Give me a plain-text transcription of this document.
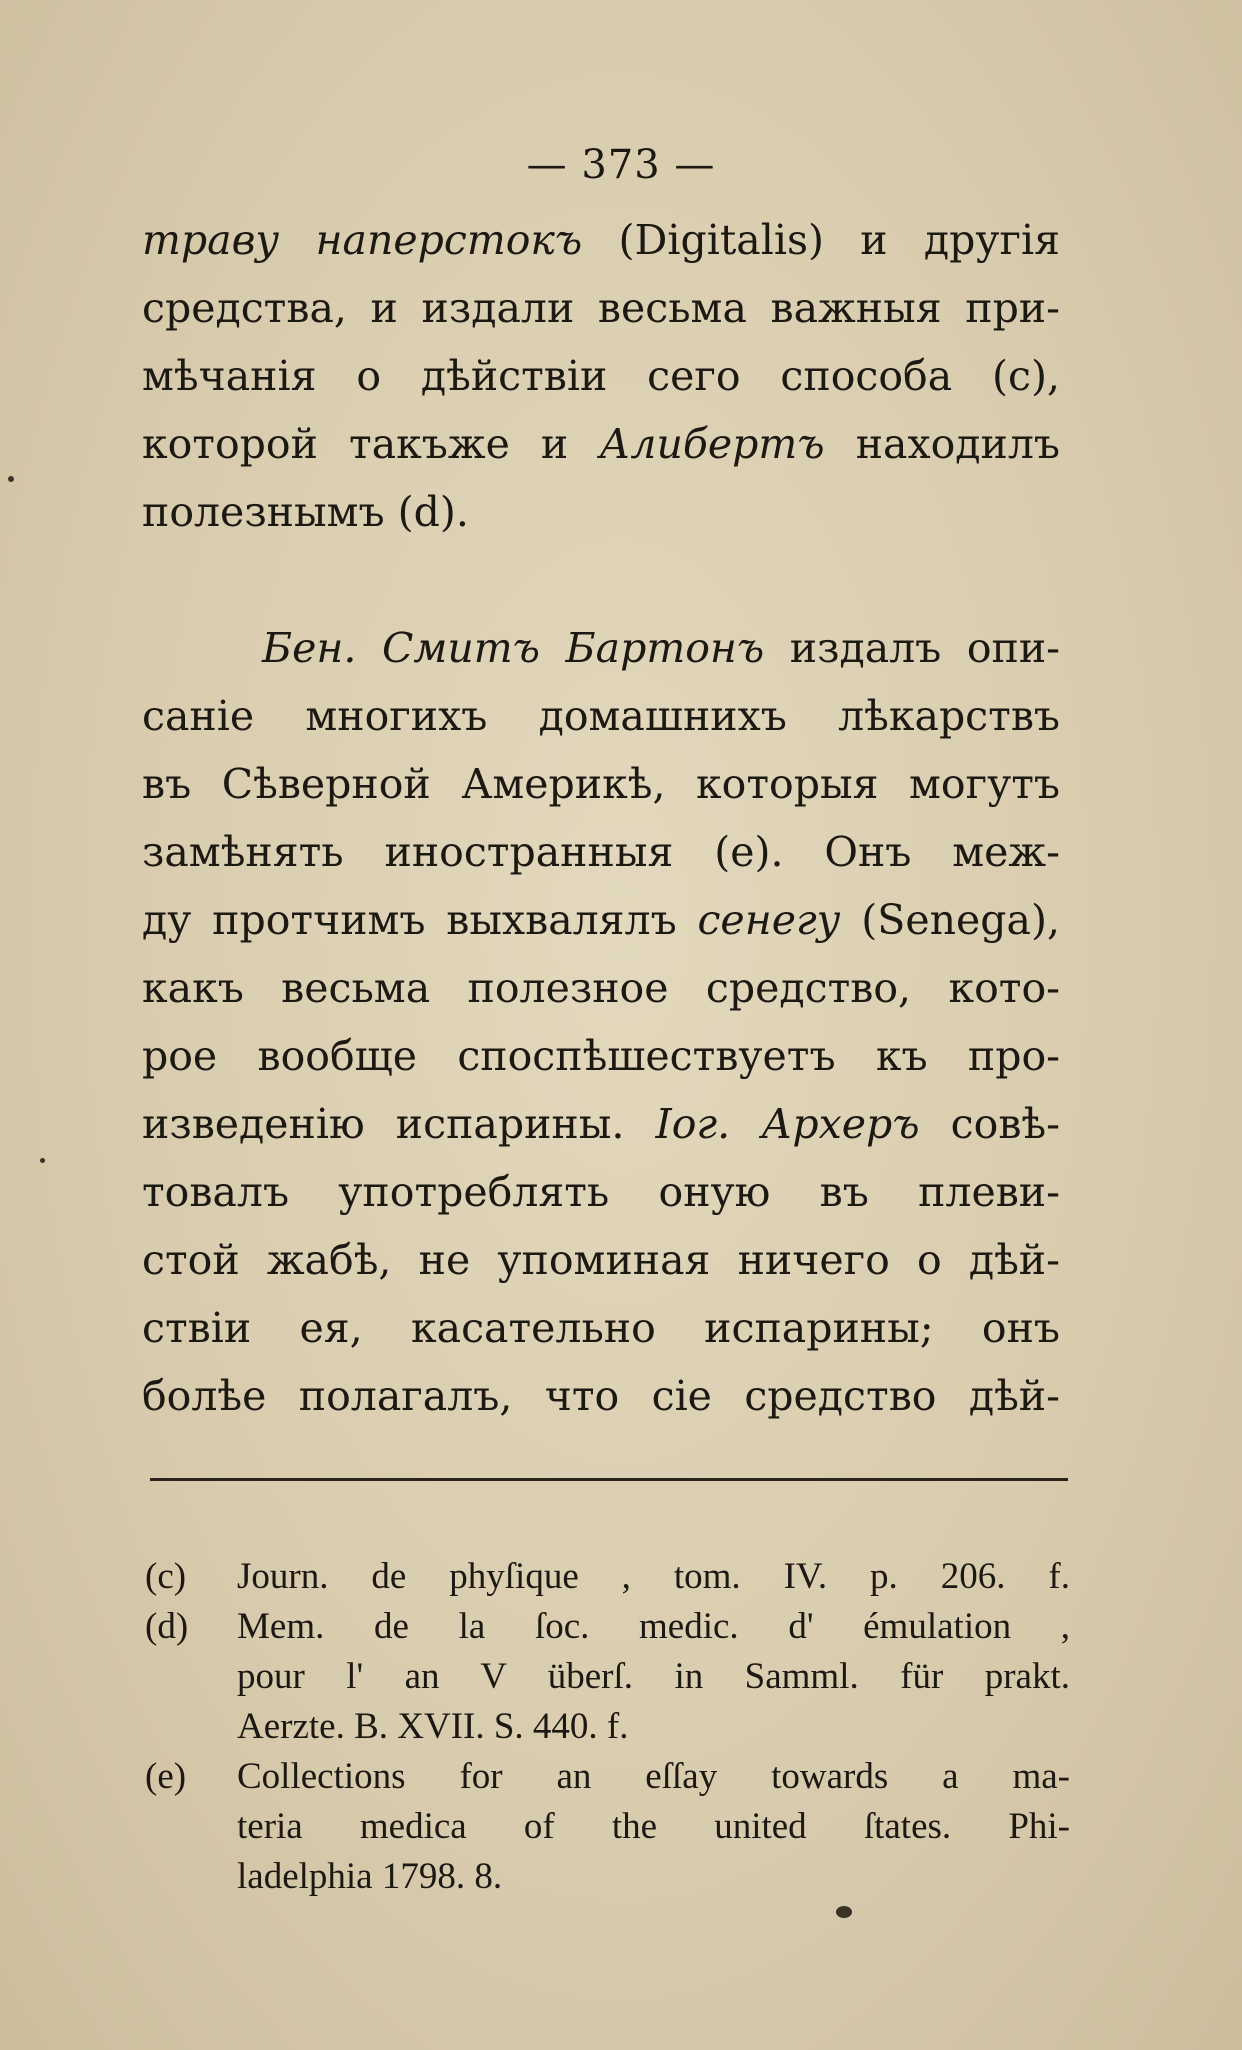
— 373 —
траву наперстокъ (Digitalis) и другія
средства, и издали весьма важныя при-
мѣчанія о дѣйствіи сего способа (с),
которой такъже и Алибертъ находилъ
полезнымъ (d).
Бен. Смитъ Бартонъ издалъ опи-
саніе многихъ домашнихъ лѣкарствъ
въ Сѣверной Америкѣ, которыя могутъ
замѣнять иностранныя (е). Онъ меж-
ду протчимъ выхвалялъ сенегу (Senega),
какъ весьма полезное средство, кото-
рое вообще споспѣшествуетъ къ про-
изведенію испарины. Іог. Археръ совѣ-
товалъ употреблять оную въ плеви-
стой жабѣ, не упоминая ничего о дѣй-
ствіи ея, касательно испарины; онъ
болѣе полагалъ, что сіе средство дѣй-
(c)	Journ. de phyſique , tom. IV. p. 206. f.
(d)	Mem. de la ſoc. medic. d' émulation ,
pour l' an V überſ. in Samml. für prakt.
Aerzte. B. XVII. S. 440. f.
(e)	Collections for an eſſay towards a ma-
teria medica of the united ſtates. Phi-
ladelphia 1798. 8.
